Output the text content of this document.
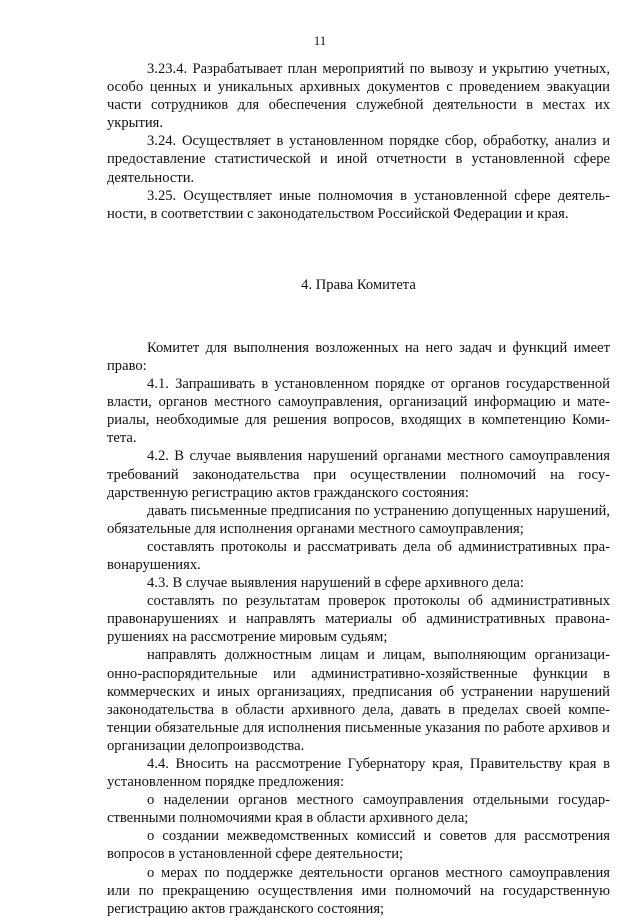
11

3.23.4. Разрабатывает план мероприятий по вывозу и укрытию учетных, особо ценных и уникальных архивных документов с проведением эвакуации части сотрудников для обеспечения служебной деятельности в местах их укрытия.

3.24. Осуществляет в установленном порядке сбор, обработку, анализ и предоставление статистической и иной отчетности в установленной сфере деятельности.

3.25. Осуществляет иные полномочия в установленной сфере деятельности, в соответствии с законодательством Российской Федерации и края.

4. Права Комитета

Комитет для выполнения возложенных на него задач и функций имеет право:

4.1. Запрашивать в установленном порядке от органов государственной власти, органов местного самоуправления, организаций информацию и материалы, необходимые для решения вопросов, входящих в компетенцию Комитета.

4.2. В случае выявления нарушений органами местного самоуправления требований законодательства при осуществлении полномочий на государственную регистрацию актов гражданского состояния:

давать письменные предписания по устранению допущенных нарушений, обязательные для исполнения органами местного самоуправления;

составлять протоколы и рассматривать дела об административных правонарушениях.

4.3. В случае выявления нарушений в сфере архивного дела:

составлять по результатам проверок протоколы об административных правонарушениях и направлять материалы об административных правонарушениях на рассмотрение мировым судьям;

направлять должностным лицам и лицам, выполняющим организационно-распорядительные или административно-хозяйственные функции в коммерческих и иных организациях, предписания об устранении нарушений законодательства в области архивного дела, давать в пределах своей компетенции обязательные для исполнения письменные указания по работе архивов и организации делопроизводства.

4.4. Вносить на рассмотрение Губернатору края, Правительству края в установленном порядке предложения:

о наделении органов местного самоуправления отдельными государственными полномочиями края в области архивного дела;

о создании межведомственных комиссий и советов для рассмотрения вопросов в установленной сфере деятельности;

о мерах по поддержке деятельности органов местного самоуправления или по прекращению осуществления ими полномочий на государственную регистрацию актов гражданского состояния;
